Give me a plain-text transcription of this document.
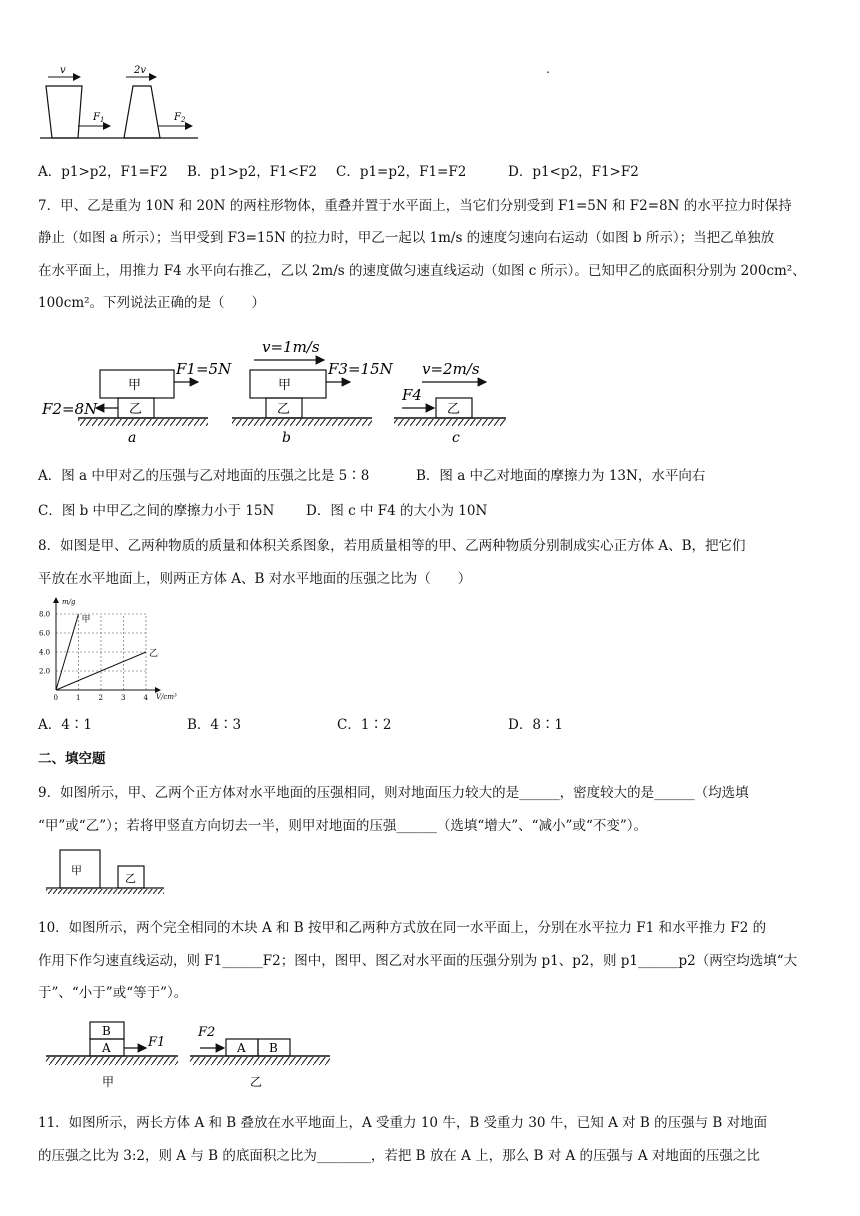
v
$F_1$
2v
$F_2$
.
A．p1>p2，F1=F2 B．p1>p2，F1<F2 C．p1=p2，F1=F2	D．p1<p2，F1>F2
7．甲、乙是重为 10N 和 20N 的两柱形物体，重叠并置于水平面上，当它们分别受到 F1=5N 和 F2=8N 的水平拉力时保持
静止（如图 a 所示）；当甲受到 F3=15N 的拉力时，甲乙一起以 1m/s 的速度匀速向右运动（如图 b 所示）；当把乙单独放
在水平面上，用推力 F4 水平向右推乙，乙以 2m/s 的速度做匀速直线运动（如图 c 所示）。已知甲乙的底面积分别为 200cm²、
100cm²。下列说法正确的是（　　）
甲
乙
F1=5N
F2=8N
a
甲
乙
v=1m/s
F3=15N
b
乙
v=2m/s
F4
c
A．图 a 中甲对乙的压强与乙对地面的压强之比是 5∶8	B．图 a 中乙对地面的摩擦力为 13N，水平向右
C．图 b 中甲乙之间的摩擦力小于 15N D．图 c 中 F4 的大小为 10N
8．如图是甲、乙两种物质的质量和体积关系图象，若用质量相等的甲、乙两种物质分别制成实心正方体 A、B，把它们
平放在水平地面上，则两正方体 A、B 对水平地面的压强之比为（　　）
0	1	2	3	4
2.0
4.0
6.0
8.0
V/cm³
m/g
甲
乙
A．4∶1	B．4∶3	C．1∶2	D．8∶1
二、填空题
9．如图所示，甲、乙两个正方体对水平地面的压强相同，则对地面压力较大的是______，密度较大的是______（均选填
“甲”或“乙”）；若将甲竖直方向切去一半，则甲对地面的压强______（选填“增大”、“减小”或“不变”）。
甲
乙
10．如图所示，两个完全相同的木块 A 和 B 按甲和乙两种方式放在同一水平面上，分别在水平拉力 F1 和水平推力 F2 的
作用下作匀速直线运动，则 F1______F2；图中，图甲、图乙对水平面的压强分别为 p1、p2，则 p1______p2（两空均选填“大
于”、“小于”或“等于”）。
B
A	F1
甲
F2
A B
乙
11．如图所示，两长方体 A 和 B 叠放在水平地面上，A 受重力 10 牛，B 受重力 30 牛，已知 A 对 B 的压强与 B 对地面
的压强之比为 3:2，则 A 与 B 的底面积之比为________，若把 B 放在 A 上，那么 B 对 A 的压强与 A 对地面的压强之比
